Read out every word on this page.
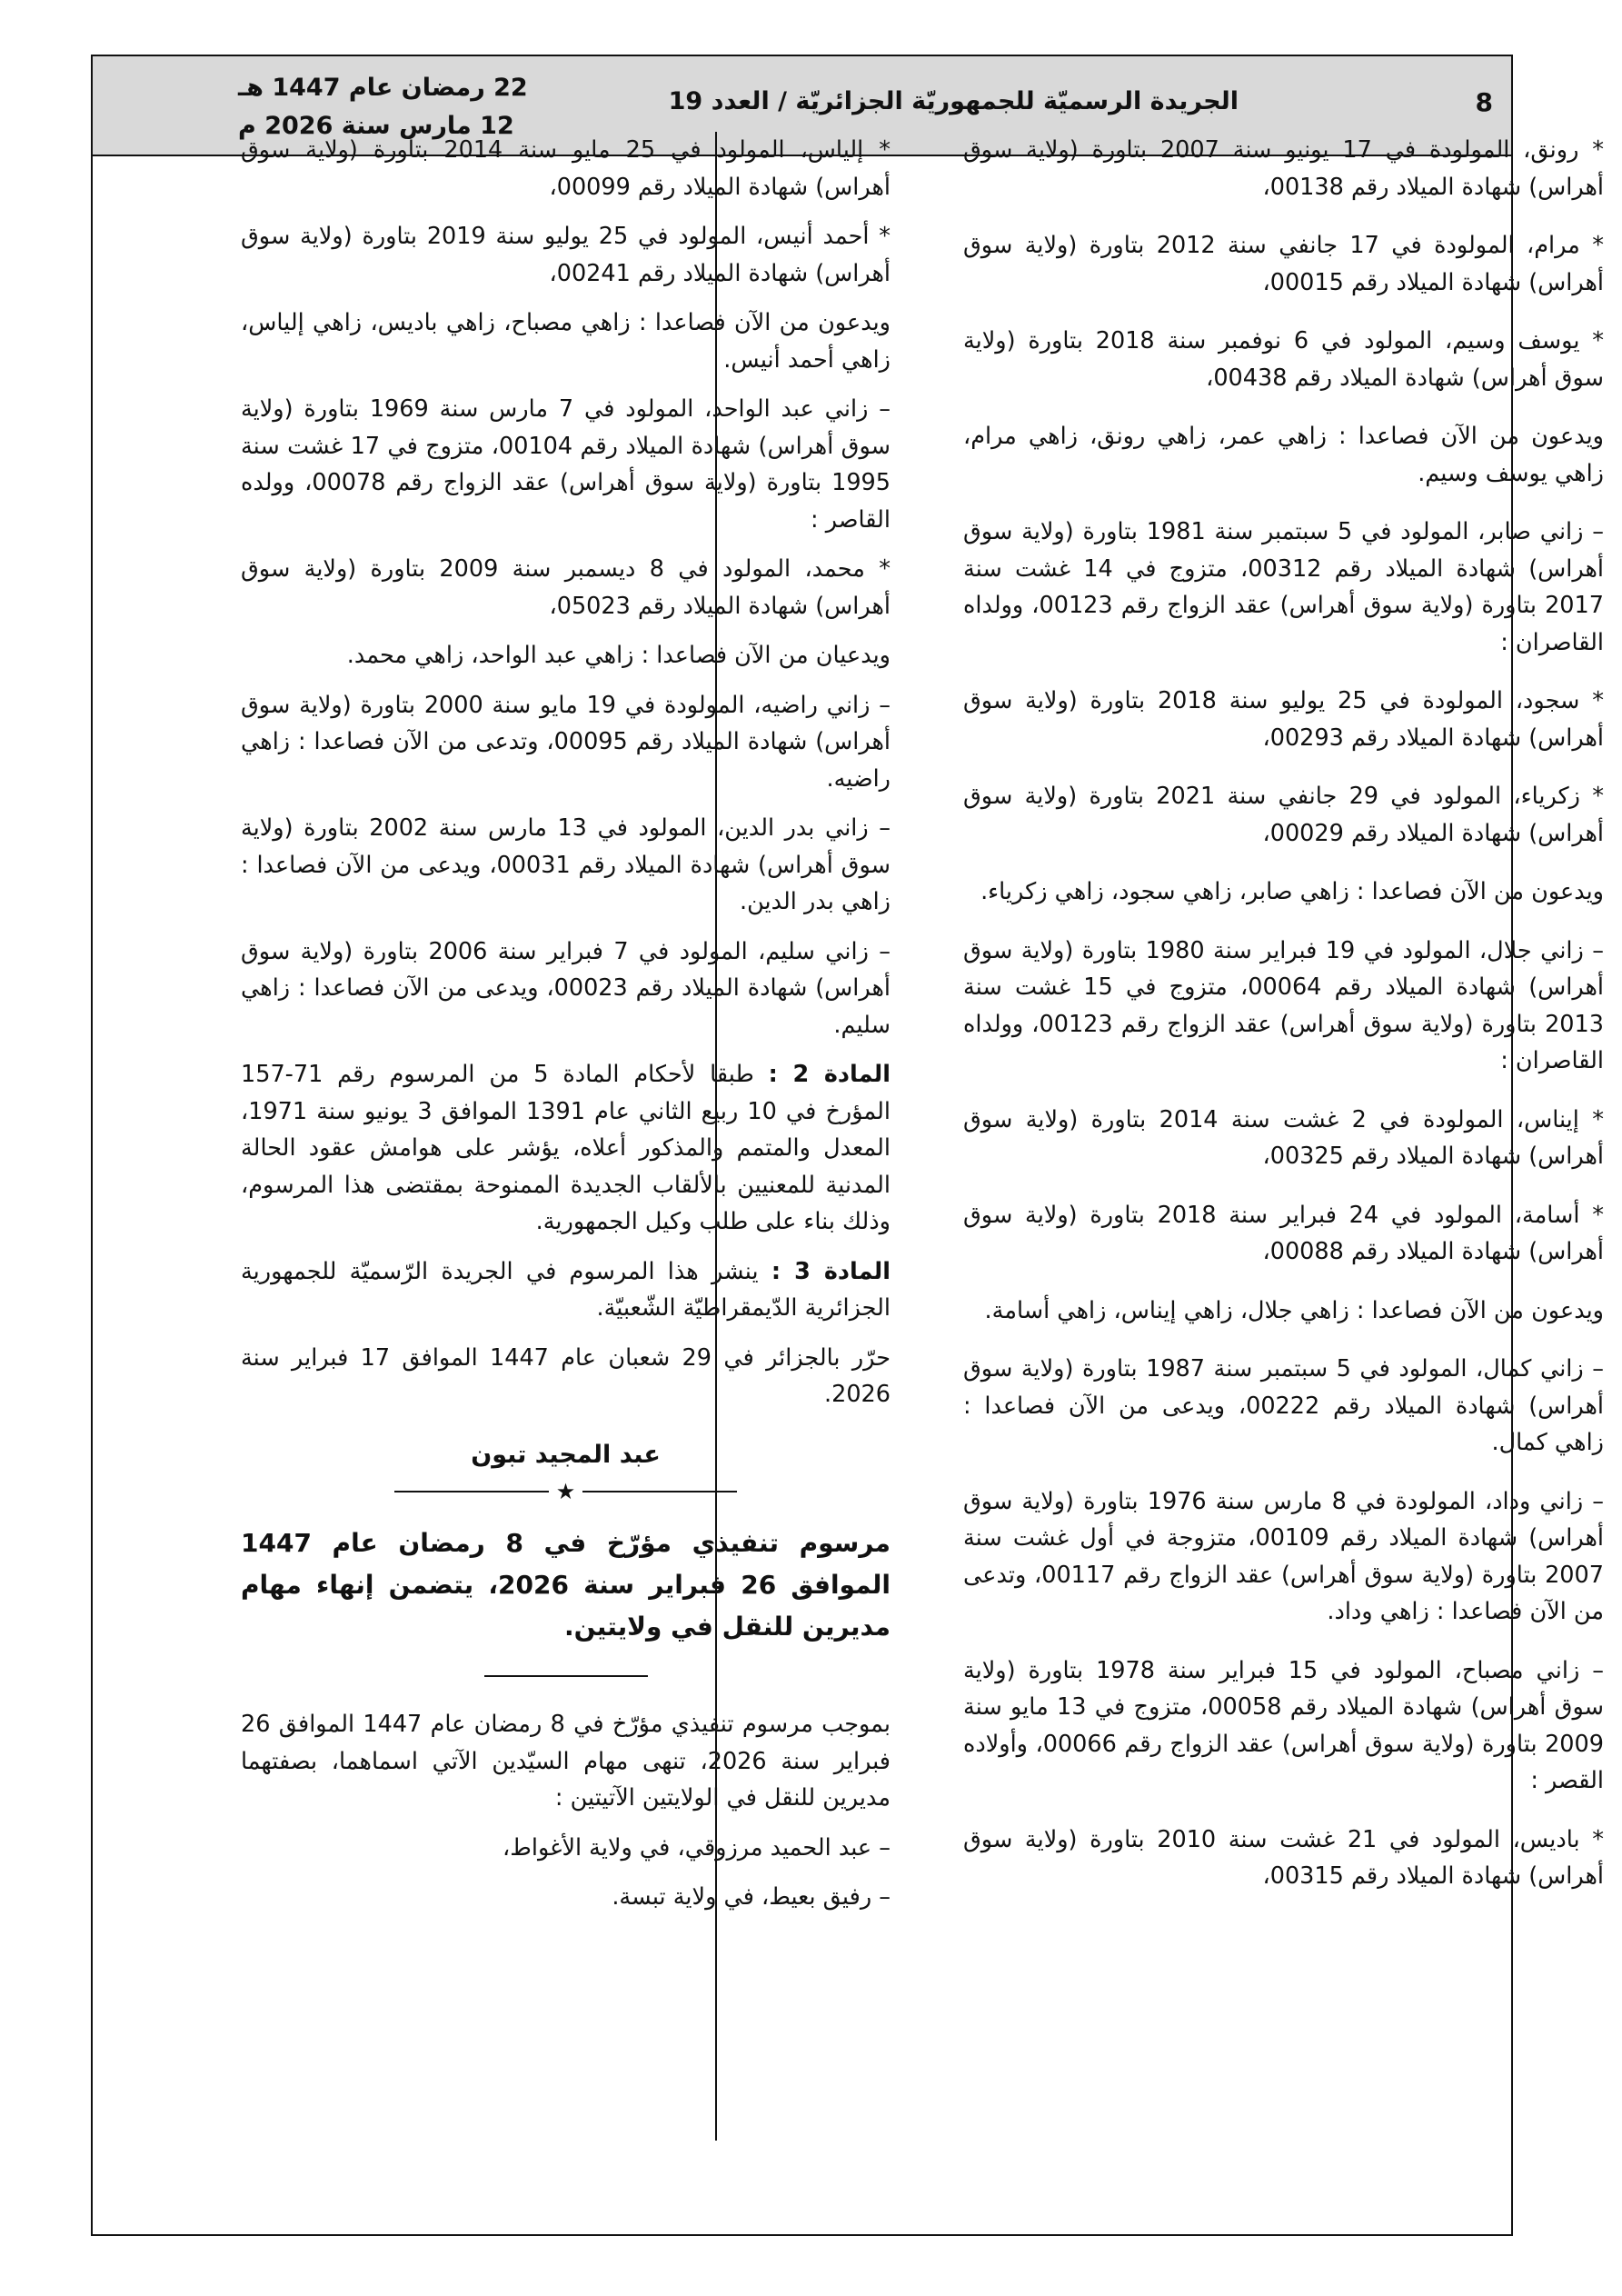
8
الجريدة الرسميّة للجمهوريّة الجزائريّة / العدد 19
22 رمضان عام 1447 هـ
12 مارس سنة 2026 م

* رونق، المولودة في 17 يونيو سنة 2007 بتاورة (ولاية سوق أهراس) شهادة الميلاد رقم 00138،

* مرام، المولودة في 17 جانفي سنة 2012 بتاورة (ولاية سوق أهراس) شهادة الميلاد رقم 00015،

* يوسف وسيم، المولود في 6 نوفمبر سنة 2018 بتاورة (ولاية سوق أهراس) شهادة الميلاد رقم 00438،

ويدعون من الآن فصاعدا : زاهي عمر، زاهي رونق، زاهي مرام، زاهي يوسف وسيم.

– زاني صابر، المولود في 5 سبتمبر سنة 1981 بتاورة (ولاية سوق أهراس) شهادة الميلاد رقم 00312، متزوج في 14 غشت سنة 2017 بتاورة (ولاية سوق أهراس) عقد الزواج رقم 00123، وولداه القاصران :

* سجود، المولودة في 25 يوليو سنة 2018 بتاورة (ولاية سوق أهراس) شهادة الميلاد رقم 00293،

* زكرياء، المولود في 29 جانفي سنة 2021 بتاورة (ولاية سوق أهراس) شهادة الميلاد رقم 00029،

ويدعون من الآن فصاعدا : زاهي صابر، زاهي سجود، زاهي زكرياء.

– زاني جلال، المولود في 19 فبراير سنة 1980 بتاورة (ولاية سوق أهراس) شهادة الميلاد رقم 00064، متزوج في 15 غشت سنة 2013 بتاورة (ولاية سوق أهراس) عقد الزواج رقم 00123، وولداه القاصران :

* إيناس، المولودة في 2 غشت سنة 2014 بتاورة (ولاية سوق أهراس) شهادة الميلاد رقم 00325،

* أسامة، المولود في 24 فبراير سنة 2018 بتاورة (ولاية سوق أهراس) شهادة الميلاد رقم 00088،

ويدعون من الآن فصاعدا : زاهي جلال، زاهي إيناس، زاهي أسامة.

– زاني كمال، المولود في 5 سبتمبر سنة 1987 بتاورة (ولاية سوق أهراس) شهادة الميلاد رقم 00222، ويدعى من الآن فصاعدا : زاهي كمال.

– زاني وداد، المولودة في 8 مارس سنة 1976 بتاورة (ولاية سوق أهراس) شهادة الميلاد رقم 00109، متزوجة في أول غشت سنة 2007 بتاورة (ولاية سوق أهراس) عقد الزواج رقم 00117، وتدعى من الآن فصاعدا : زاهي وداد.

– زاني مصباح، المولود في 15 فبراير سنة 1978 بتاورة (ولاية سوق أهراس) شهادة الميلاد رقم 00058، متزوج في 13 مايو سنة 2009 بتاورة (ولاية سوق أهراس) عقد الزواج رقم 00066، وأولاده القصر :

* باديس، المولود في 21 غشت سنة 2010 بتاورة (ولاية سوق أهراس) شهادة الميلاد رقم 00315،

* إلياس، المولود في 25 مايو سنة 2014 بتاورة (ولاية سوق أهراس) شهادة الميلاد رقم 00099،

* أحمد أنيس، المولود في 25 يوليو سنة 2019 بتاورة (ولاية سوق أهراس) شهادة الميلاد رقم 00241،

ويدعون من الآن فصاعدا : زاهي مصباح، زاهي باديس، زاهي إلياس، زاهي أحمد أنيس.

– زاني عبد الواحد، المولود في 7 مارس سنة 1969 بتاورة (ولاية سوق أهراس) شهادة الميلاد رقم 00104، متزوج في 17 غشت سنة 1995 بتاورة (ولاية سوق أهراس) عقد الزواج رقم 00078، وولده القاصر :

* محمد، المولود في 8 ديسمبر سنة 2009 بتاورة (ولاية سوق أهراس) شهادة الميلاد رقم 05023،

ويدعيان من الآن فصاعدا : زاهي عبد الواحد، زاهي محمد.

– زاني راضيه، المولودة في 19 مايو سنة 2000 بتاورة (ولاية سوق أهراس) شهادة الميلاد رقم 00095، وتدعى من الآن فصاعدا : زاهي راضيه.

– زاني بدر الدين، المولود في 13 مارس سنة 2002 بتاورة (ولاية سوق أهراس) شهادة الميلاد رقم 00031، ويدعى من الآن فصاعدا : زاهي بدر الدين.

– زاني سليم، المولود في 7 فبراير سنة 2006 بتاورة (ولاية سوق أهراس) شهادة الميلاد رقم 00023، ويدعى من الآن فصاعدا : زاهي سليم.

المادة 2 : طبقا لأحكام المادة 5 من المرسوم رقم 71-157 المؤرخ في 10 ربيع الثاني عام 1391 الموافق 3 يونيو سنة 1971، المعدل والمتمم والمذكور أعلاه، يؤشر على هوامش عقود الحالة المدنية للمعنيين بالألقاب الجديدة الممنوحة بمقتضى هذا المرسوم، وذلك بناء على طلب وكيل الجمهورية.

المادة 3 : ينشر هذا المرسوم في الجريدة الرّسميّة للجمهورية الجزائرية الدّيمقراطيّة الشّعبيّة.

حرّر بالجزائر في 29 شعبان عام 1447 الموافق 17 فبراير سنة 2026.

عبد المجيد تبون
★
مرسوم تنفيذي مؤرّخ في 8 رمضان عام 1447 الموافق 26 فبراير سنة 2026، يتضمن إنهاء مهام مديرين للنقل في ولايتين.

بموجب مرسوم تنفيذي مؤرّخ في 8 رمضان عام 1447 الموافق 26 فبراير سنة 2026، تنهى مهام السيّدين الآتي اسماهما، بصفتهما مديرين للنقل في الولايتين الآتيتين :

– عبد الحميد مرزوقي، في ولاية الأغواط،

– رفيق بعيط، في ولاية تبسة.
